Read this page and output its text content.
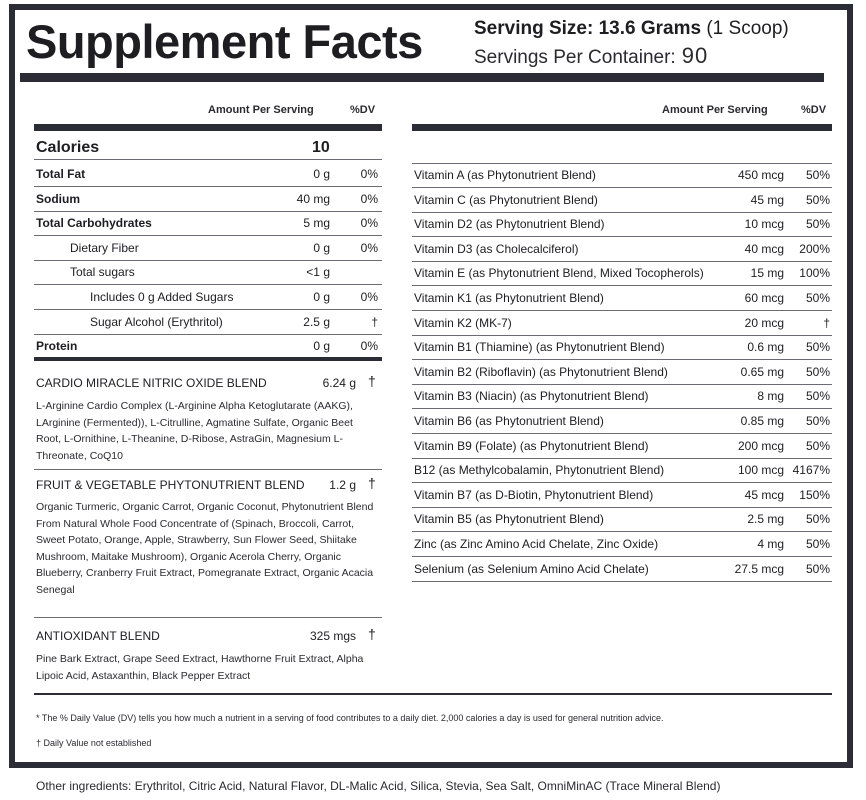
Supplement Facts	Serving Size: 13.6 Grams (1 Scoop)
Servings Per Container: 90
Amount Per Serving	%DV
Calories	10
Total Fat	0 g	0%
Sodium	40 mg	0%
Total Carbohydrates	5 mg	0%
Dietary Fiber	0 g	0%
Total sugars	<1 g
Includes 0 g Added Sugars	0 g	0%
Sugar Alcohol (Erythritol)	2.5 g	†
Protein	0 g	0%
CARDIO MIRACLE NITRIC OXIDE BLEND	6.24 g †
L-Arginine Cardio Complex (L-Arginine Alpha Ketoglutarate (AAKG), LArginine (Fermented)), L-Citrulline, Agmatine Sulfate, Organic Beet Root, L-Ornithine, L-Theanine, D-Ribose, AstraGin, Magnesium L-Threonate, CoQ10
FRUIT & VEGETABLE PHYTONUTRIENT BLEND	1.2 g †
Organic Turmeric, Organic Carrot, Organic Coconut, Phytonutrient Blend From Natural Whole Food Concentrate of (Spinach, Broccoli, Carrot, Sweet Potato, Orange, Apple, Strawberry, Sun Flower Seed, Shiitake Mushroom, Maitake Mushroom), Organic Acerola Cherry, Organic Blueberry, Cranberry Fruit Extract, Pomegranate Extract, Organic Acacia Senegal
ANTIOXIDANT BLEND	325 mgs †
Pine Bark Extract, Grape Seed Extract, Hawthorne Fruit Extract, Alpha Lipoic Acid, Astaxanthin, Black Pepper Extract
Amount Per Serving	%DV
Vitamin A (as Phytonutrient Blend)	450 mcg	50%
Vitamin C (as Phytonutrient Blend)	45 mg	50%
Vitamin D2 (as Phytonutrient Blend)	10 mcg	50%
Vitamin D3 (as Cholecalciferol)	40 mcg	200%
Vitamin E (as Phytonutrient Blend, Mixed Tocopherols)	15 mg	100%
Vitamin K1 (as Phytonutrient Blend)	60 mcg	50%
Vitamin K2 (MK-7)	20 mcg	†
Vitamin B1 (Thiamine) (as Phytonutrient Blend)	0.6 mg	50%
Vitamin B2 (Riboflavin) (as Phytonutrient Blend)	0.65 mg	50%
Vitamin B3 (Niacin) (as Phytonutrient Blend)	8 mg	50%
Vitamin B6 (as Phytonutrient Blend)	0.85 mg	50%
Vitamin B9 (Folate) (as Phytonutrient Blend)	200 mcg	50%
B12 (as Methylcobalamin, Phytonutrient Blend)	100 mcg 4167%
Vitamin B7 (as D-Biotin, Phytonutrient Blend)	45 mcg	150%
Vitamin B5 (as Phytonutrient Blend)	2.5 mg	50%
Zinc (as Zinc Amino Acid Chelate, Zinc Oxide)	4 mg	50%
Selenium (as Selenium Amino Acid Chelate)	27.5 mcg	50%
* The % Daily Value (DV) tells you how much a nutrient in a serving of food contributes to a daily diet. 2,000 calories a day is used for general nutrition advice.
† Daily Value not established
Other ingredients: Erythritol, Citric Acid, Natural Flavor, DL-Malic Acid, Silica, Stevia, Sea Salt, OmniMinAC (Trace Mineral Blend)
